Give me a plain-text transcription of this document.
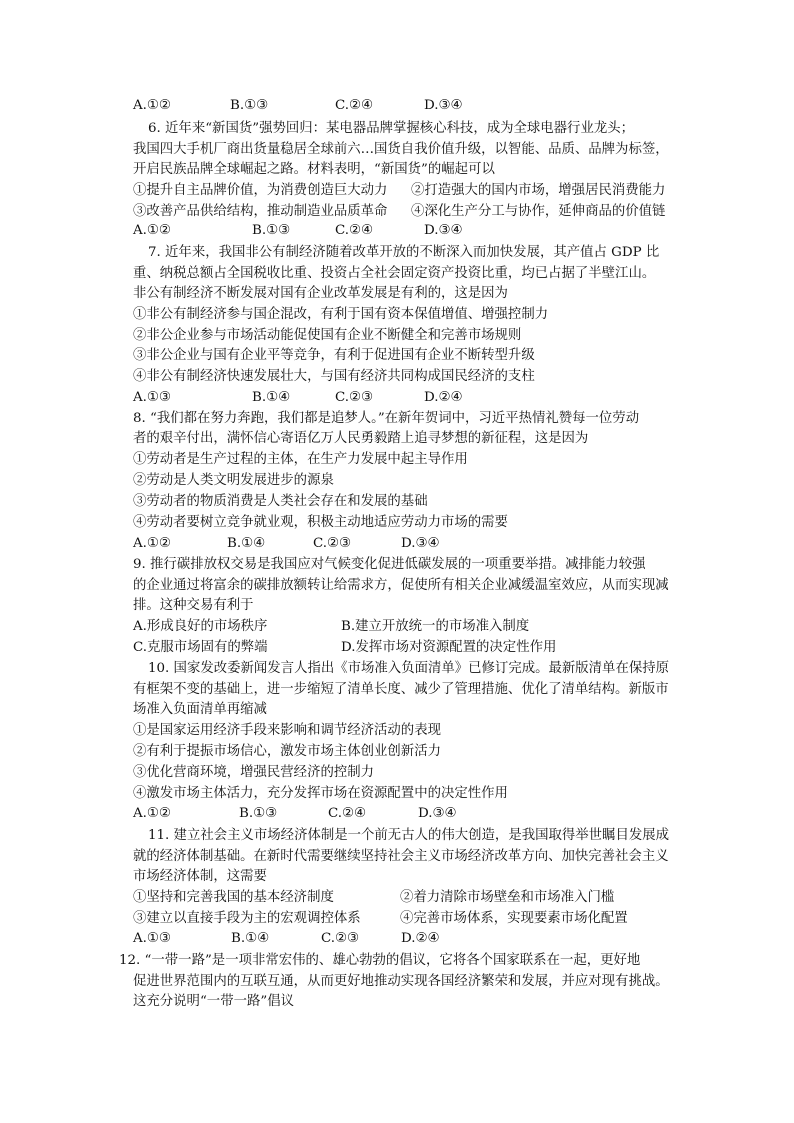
A.①②	B.①③	C.②④	D.③④
6. 近年来“新国货”强势回归：某电器品牌掌握核心科技，成为全球电器行业龙头；
我国四大手机厂商出货量稳居全球前六…国货自我价值升级，以智能、品质、品牌为标签，
开启民族品牌全球崛起之路。材料表明，“新国货”的崛起可以
①提升自主品牌价值，为消费创造巨大动力 ②打造强大的国内市场，增强居民消费能力
③改善产品供给结构，推动制造业品质革命 ④深化生产分工与协作，延伸商品的价值链
A.①②	B.①③	C.②④	D.③④
7. 近年来，我国非公有制经济随着改革开放的不断深入而加快发展，其产值占 GDP 比
重、纳税总额占全国税收比重、投资占全社会固定资产投资比重，均已占据了半壁江山。
非公有制经济不断发展对国有企业改革发展是有利的，这是因为
①非公有制经济参与国企混改，有利于国有资本保值增值、增强控制力
②非公企业参与市场活动能促使国有企业不断健全和完善市场规则
③非公企业与国有企业平等竞争，有利于促进国有企业不断转型升级
④非公有制经济快速发展壮大，与国有经济共同构成国民经济的支柱
A.①③	B.①④	C.②③	D.②④
8. “我们都在努力奔跑，我们都是追梦人。”在新年贺词中，习近平热情礼赞每一位劳动
者的艰辛付出，满怀信心寄语亿万人民勇毅踏上追寻梦想的新征程，这是因为
①劳动者是生产过程的主体，在生产力发展中起主导作用
②劳动是人类文明发展进步的源泉
③劳动者的物质消费是人类社会存在和发展的基础
④劳动者要树立竞争就业观，积极主动地适应劳动力市场的需要
A.①②	B.①④	C.②③	D.③④
9. 推行碳排放权交易是我国应对气候变化促进低碳发展的一项重要举措。减排能力较强
的企业通过将富余的碳排放额转让给需求方，促使所有相关企业减缓温室效应，从而实现减
排。这种交易有利于
A.形成良好的市场秩序	B.建立开放统一的市场准入制度
C.克服市场固有的弊端	D.发挥市场对资源配置的决定性作用
10. 国家发改委新闻发言人指出《市场准入负面清单》已修订完成。最新版清单在保持原
有框架不变的基础上，进一步缩短了清单长度、减少了管理措施、优化了清单结构。新版市
场准入负面清单再缩减
①是国家运用经济手段来影响和调节经济活动的表现
②有利于提振市场信心，激发市场主体创业创新活力
③优化营商环境，增强民营经济的控制力
④激发市场主体活力，充分发挥市场在资源配置中的决定性作用
A.①②	B.①③	C.②④	D.③④
11. 建立社会主义市场经济体制是一个前无古人的伟大创造，是我国取得举世瞩目发展成
就的经济体制基础。在新时代需要继续坚持社会主义市场经济改革方向、加快完善社会主义
市场经济体制，这需要
①坚持和完善我国的基本经济制度	②着力清除市场壁垒和市场准入门槛
③建立以直接手段为主的宏观调控体系	④完善市场体系，实现要素市场化配置
A.①③	B.①④	C.②③	D.②④
12. “一带一路”是一项非常宏伟的、雄心勃勃的倡议，它将各个国家联系在一起，更好地
促进世界范围内的互联互通，从而更好地推动实现各国经济繁荣和发展，并应对现有挑战。
这充分说明“一带一路”倡议
